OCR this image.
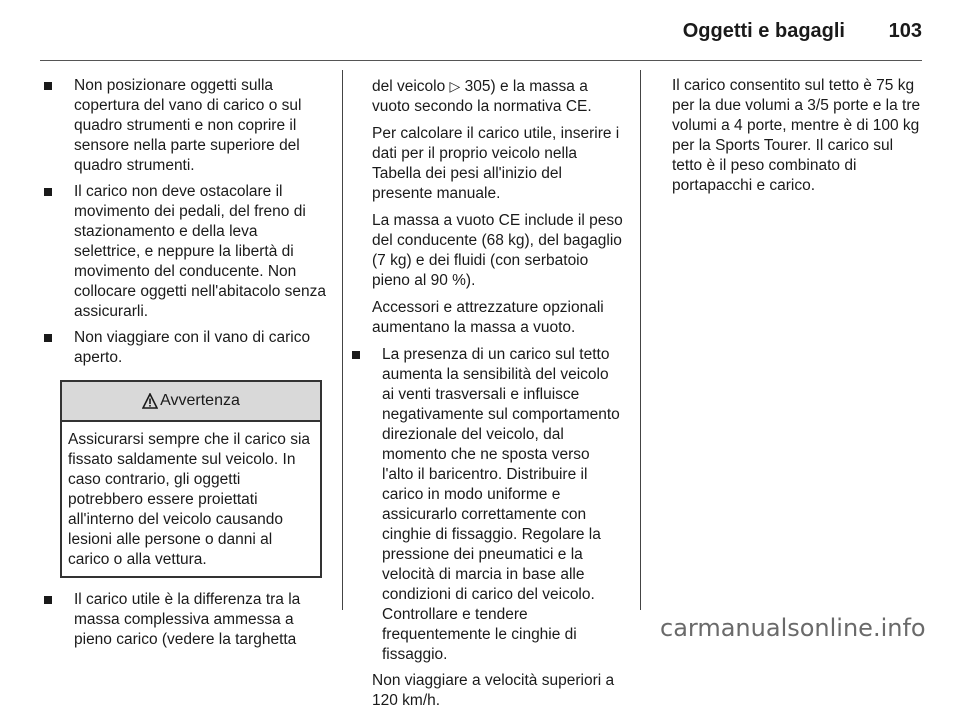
Oggetti e bagagli	103
Non posizionare oggetti sulla copertura del vano di carico o sul quadro strumenti e non coprire il sensore nella parte superiore del quadro strumenti.
Il carico non deve ostacolare il movimento dei pedali, del freno di stazionamento e della leva selettrice, e neppure la libertà di movimento del conducente. Non collocare oggetti nell'abitacolo senza assicurarli.
Non viaggiare con il vano di carico aperto.
Avvertenza
Assicurarsi sempre che il carico sia fissato saldamente sul veicolo. In caso contrario, gli oggetti potrebbero essere proiettati all'interno del veicolo causando lesioni alle persone o danni al carico o alla vettura.
Il carico utile è la differenza tra la massa complessiva ammessa a pieno carico (vedere la targhetta

del veicolo ▷ 305) e la massa a vuoto secondo la normativa CE.

Per calcolare il carico utile, inserire i dati per il proprio veicolo nella Tabella dei pesi all'inizio del presente manuale.

La massa a vuoto CE include il peso del conducente (68 kg), del bagaglio (7 kg) e dei fluidi (con serbatoio pieno al 90 %).

Accessori e attrezzature opzionali aumentano la massa a vuoto.

La presenza di un carico sul tetto aumenta la sensibilità del veicolo ai venti trasversali e influisce negativamente sul comportamento direzionale del veicolo, dal momento che ne sposta verso l'alto il baricentro. Distribuire il carico in modo uniforme e assicurarlo correttamente con cinghie di fissaggio. Regolare la pressione dei pneumatici e la velocità di marcia in base alle condizioni di carico del veicolo. Controllare e tendere frequentemente le cinghie di fissaggio.

Non viaggiare a velocità superiori a 120 km/h.

Il carico consentito sul tetto è 75 kg per la due volumi a 3/5 porte e la tre volumi a 4 porte, mentre è di 100 kg per la Sports Tourer. Il carico sul tetto è il peso combinato di portapacchi e carico.

carmanualsonline.info
